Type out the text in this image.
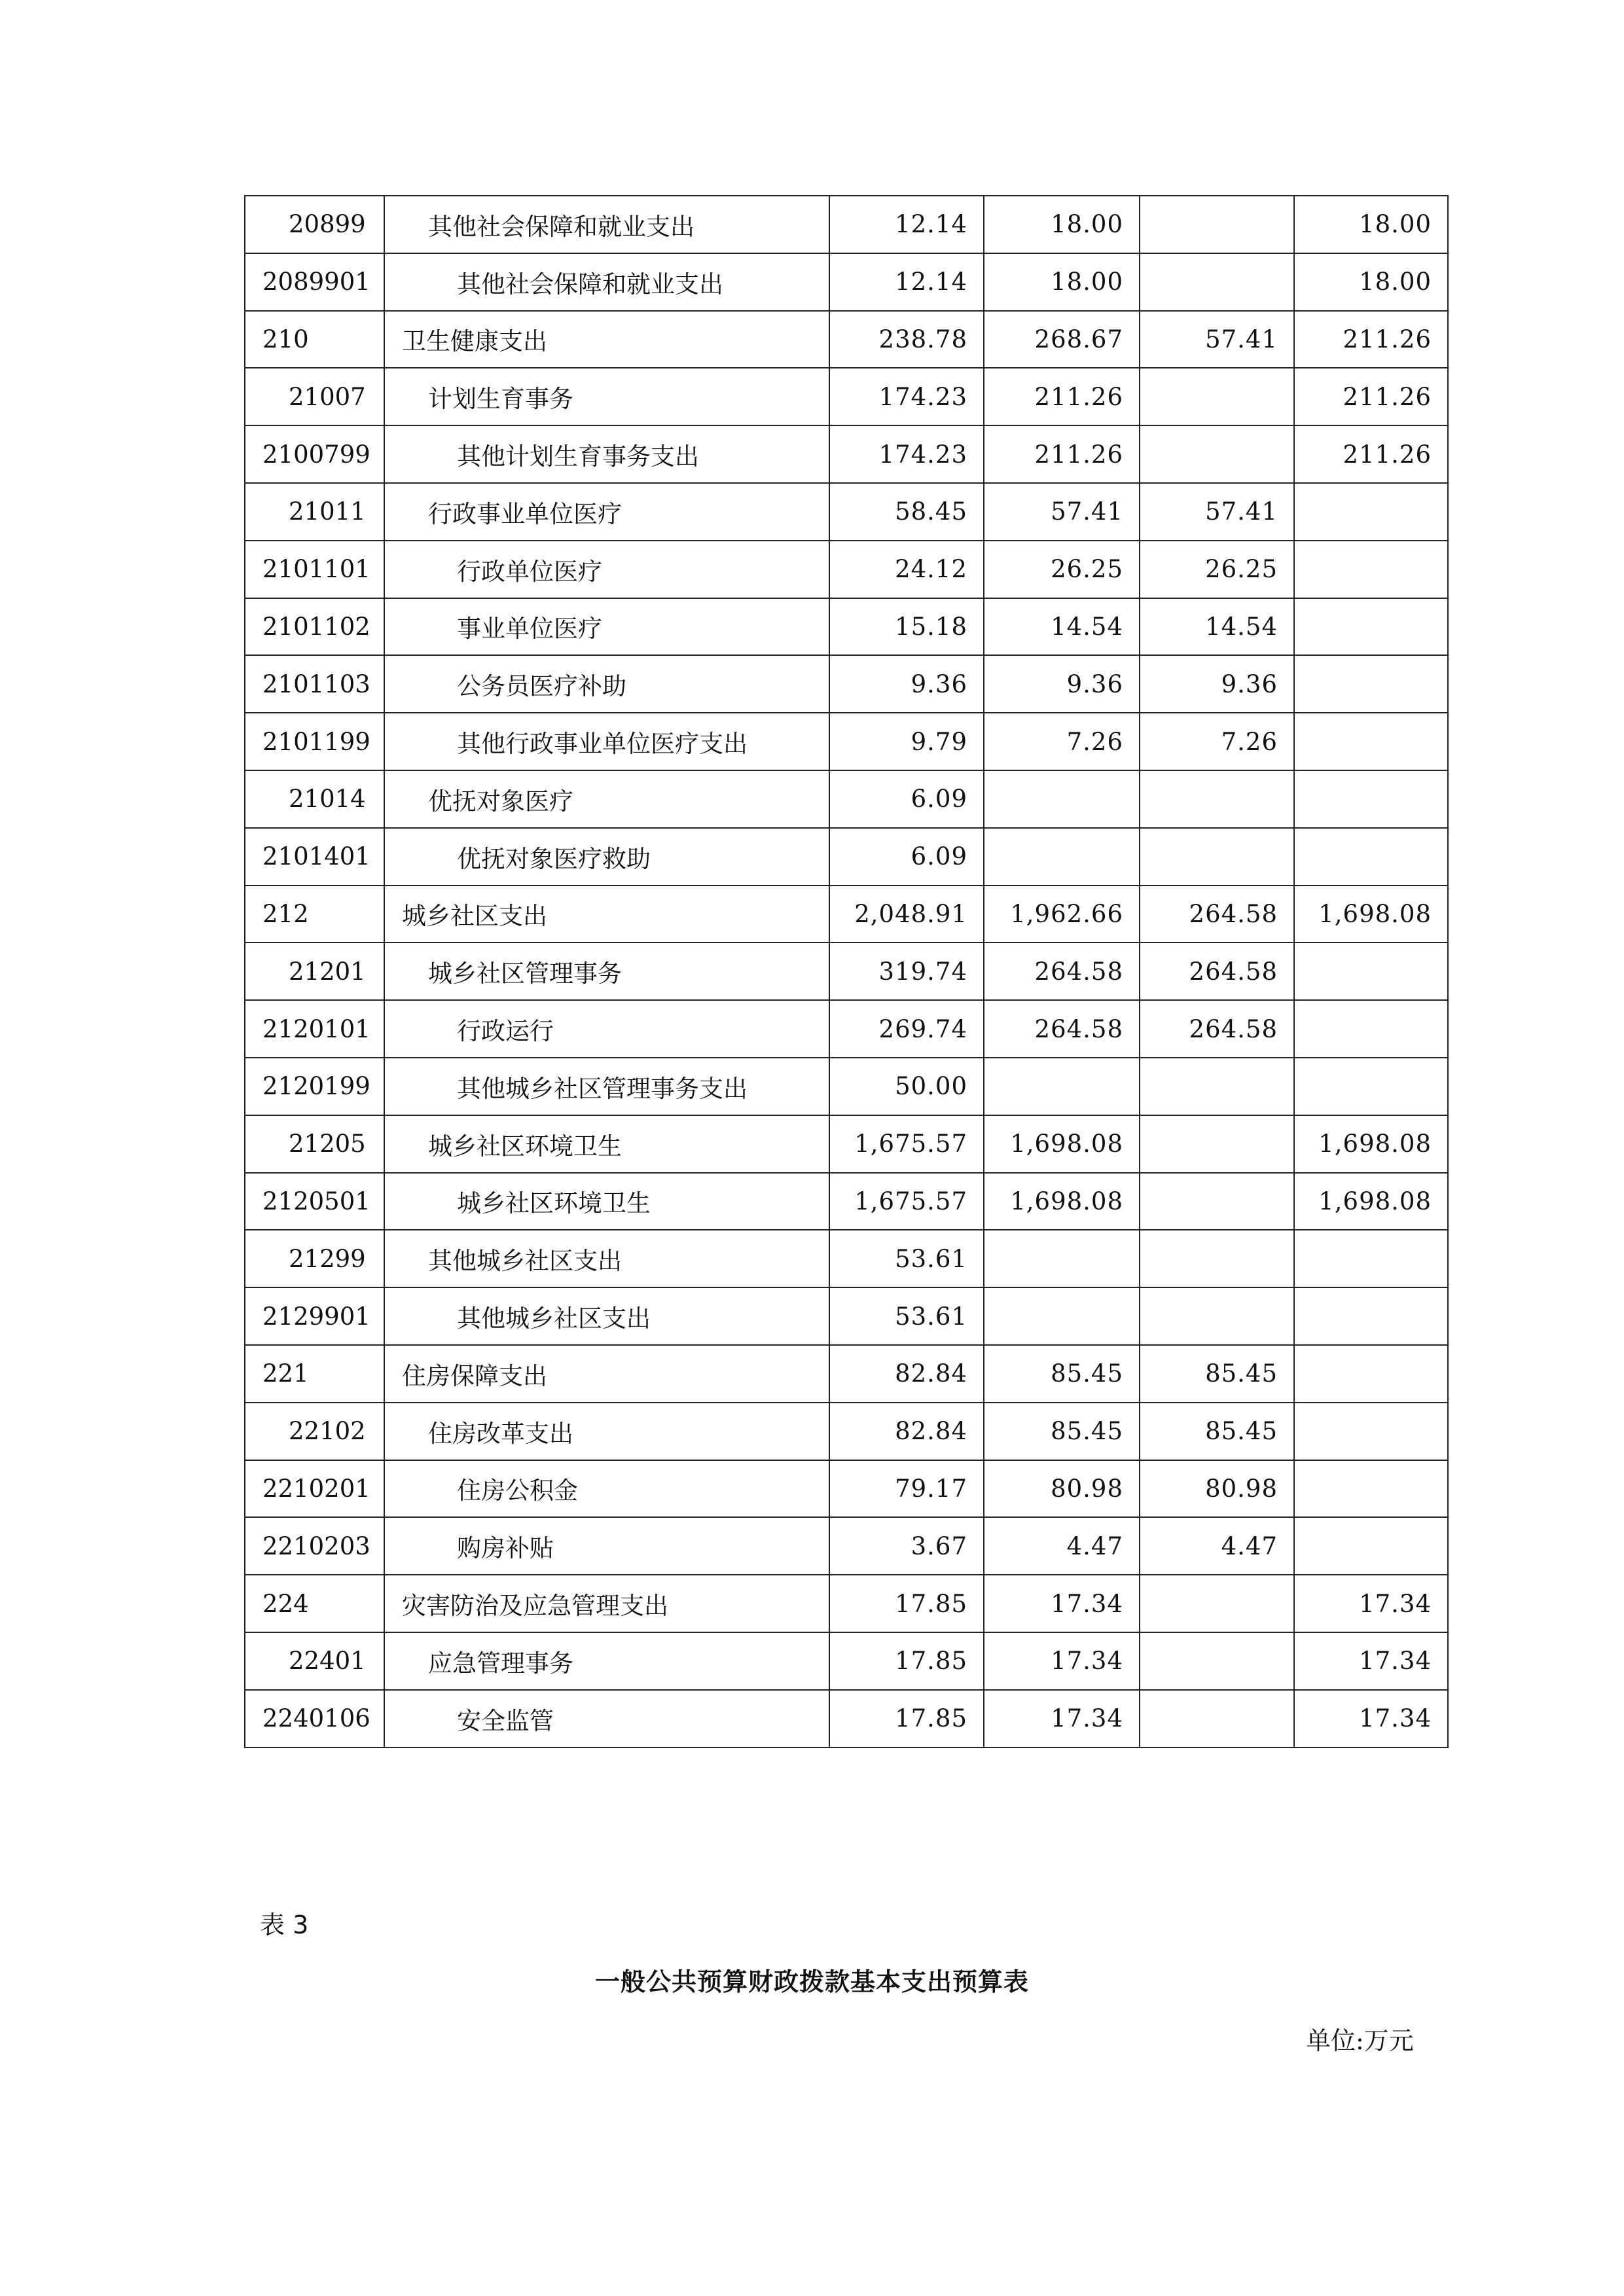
20899	其他社会保障和就业支出	12.14	18.00		18.00
2089901	其他社会保障和就业支出	12.14	18.00		18.00
210	卫生健康支出	238.78	268.67	57.41	211.26
21007	计划生育事务	174.23	211.26		211.26
2100799	其他计划生育事务支出	174.23	211.26		211.26
21011	行政事业单位医疗	58.45	57.41	57.41	
2101101	行政单位医疗	24.12	26.25	26.25	
2101102	事业单位医疗	15.18	14.54	14.54	
2101103	公务员医疗补助	9.36	9.36	9.36	
2101199	其他行政事业单位医疗支出	9.79	7.26	7.26	
21014	优抚对象医疗	6.09			
2101401	优抚对象医疗救助	6.09			
212	城乡社区支出	2,048.91	1,962.66	264.58	1,698.08
21201	城乡社区管理事务	319.74	264.58	264.58	
2120101	行政运行	269.74	264.58	264.58	
2120199	其他城乡社区管理事务支出	50.00			
21205	城乡社区环境卫生	1,675.57	1,698.08		1,698.08
2120501	城乡社区环境卫生	1,675.57	1,698.08		1,698.08
21299	其他城乡社区支出	53.61			
2129901	其他城乡社区支出	53.61			
221	住房保障支出	82.84	85.45	85.45	
22102	住房改革支出	82.84	85.45	85.45	
2210201	住房公积金	79.17	80.98	80.98	
2210203	购房补贴	3.67	4.47	4.47	
224	灾害防治及应急管理支出	17.85	17.34		17.34
22401	应急管理事务	17.85	17.34		17.34
2240106	安全监管	17.85	17.34		17.34
表 3
一般公共预算财政拨款基本支出预算表
单位:万元
